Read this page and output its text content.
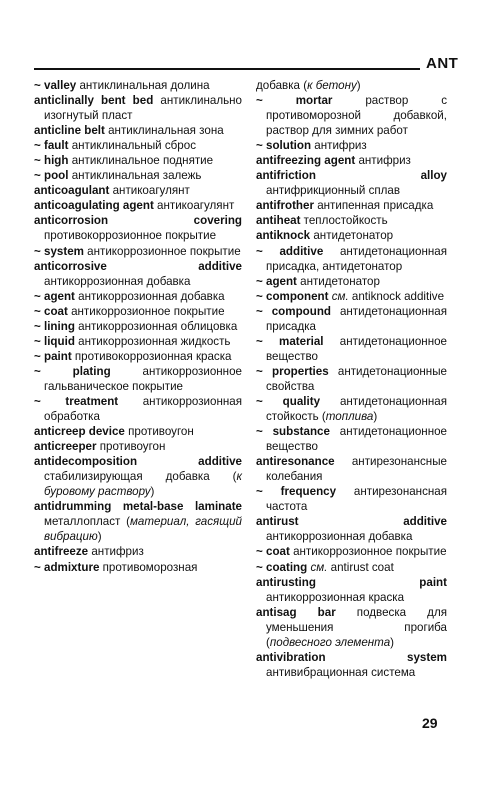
ANT
~ valley антиклинальная долина
anticlinally bent bed антиклинально изогнутый пласт
anticline belt антиклинальная зона
~ fault антиклинальный сброс
~ high антиклинальное поднятие
~ pool антиклинальная залежь
anticoagulant антикоагулянт
anticoagulating agent антикоагулянт
anticorrosion covering противокоррозионное покрытие
~ system антикоррозионное покрытие
anticorrosive additive антикоррозионная добавка
~ agent антикоррозионная добавка
~ coat антикоррозионное покрытие
~ lining антикоррозионная облицовка
~ liquid антикоррозионная жидкость
~ paint противокоррозионная краска
~ plating антикоррозионное гальваническое покрытие
~ treatment антикоррозионная обработка
anticreep device противоугон
anticreeper противоугон
antidecomposition additive стабилизирующая добавка (к буровому раствору)
antidrumming metal-base laminate металлопласт (материал, гасящий вибрацию)
antifreeze антифриз
~ admixture противоморозная
добавка (к бетону)
~ mortar раствор с противоморозной добавкой, раствор для зимних работ
~ solution антифриз
antifreezing agent антифриз
antifriction alloy антифрикционный сплав
antifrother антипенная присадка
antiheat теплостойкость
antiknock антидетонатор
~ additive антидетонационная присадка, антидетонатор
~ agent антидетонатор
~ component см. antiknock additive
~ compound антидетонационная присадка
~ material антидетонационное вещество
~ properties антидетонационные свойства
~ quality антидетонационная стойкость (топлива)
~ substance антидетонационное вещество
antiresonance антирезонансные колебания
~ frequency антирезонансная частота
antirust additive антикоррозионная добавка
~ coat антикоррозионное покрытие
~ coating см. antirust coat
antirusting paint антикоррозионная краска
antisag bar подвеска для уменьшения прогиба (подвесного элемента)
antivibration system антивибрационная система
29
